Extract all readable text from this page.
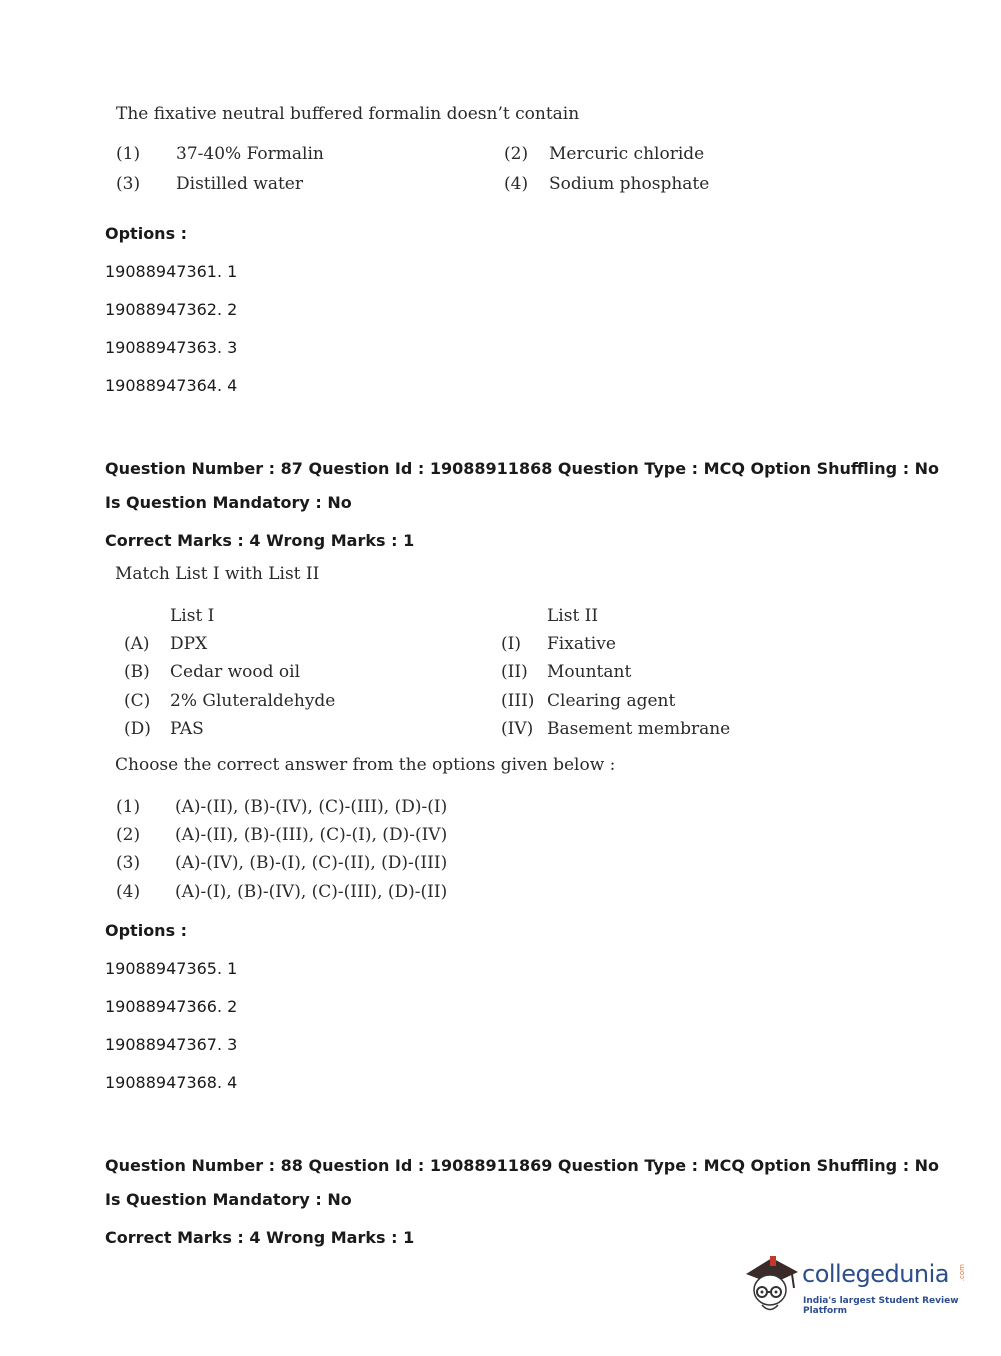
The fixative neutral buffered formalin doesn’t contain
(1) 37-40% Formalin	(2) Mercuric chloride
(3) Distilled water	(4) Sodium phosphate
Options :
19088947361. 1
19088947362. 2
19088947363. 3
19088947364. 4
Question Number : 87 Question Id : 19088911868 Question Type : MCQ Option Shuffling : No
Is Question Mandatory : No
Correct Marks : 4 Wrong Marks : 1
Match List I with List II
List I	List II
(A) DPX	(I) Fixative
(B) Cedar wood oil	(II) Mountant
(C) 2% Gluteraldehyde	(III) Clearing agent
(D) PAS	(IV) Basement membrane
Choose the correct answer from the options given below :
(1) (A)-(II), (B)-(IV), (C)-(III), (D)-(I)
(2) (A)-(II), (B)-(III), (C)-(I), (D)-(IV)
(3) (A)-(IV), (B)-(I), (C)-(II), (D)-(III)
(4) (A)-(I), (B)-(IV), (C)-(III), (D)-(II)
Options :
19088947365. 1
19088947366. 2
19088947367. 3
19088947368. 4
Question Number : 88 Question Id : 19088911869 Question Type : MCQ Option Shuffling : No
Is Question Mandatory : No
Correct Marks : 4 Wrong Marks : 1
collegedunia .com
India's largest Student Review Platform
